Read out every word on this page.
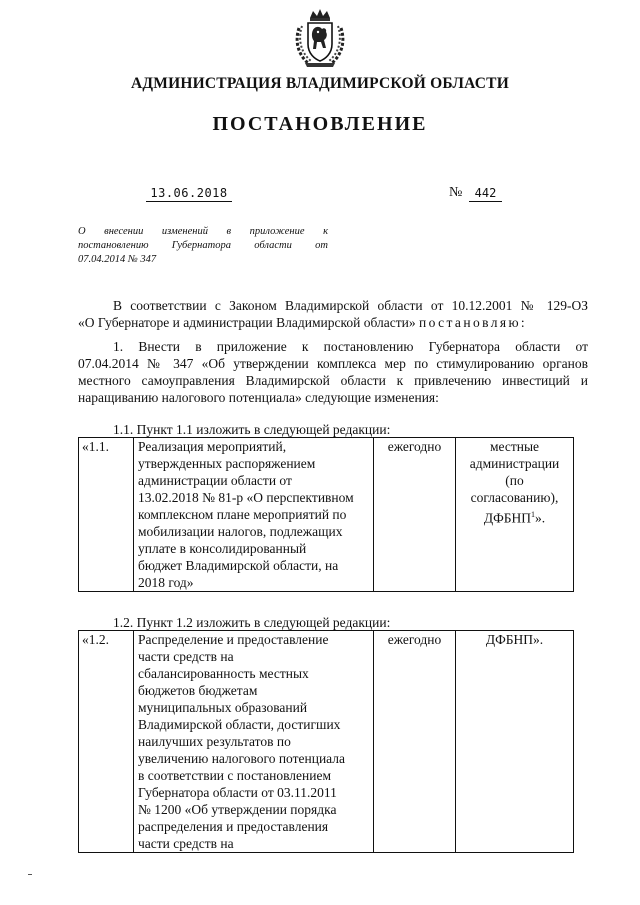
АДМИНИСТРАЦИЯ ВЛАДИМИРСКОЙ ОБЛАСТИ
ПОСТАНОВЛЕНИЕ
13.06.2018	№	442
О внесении изменений в приложение к
постановлению Губернатора области от
07.04.2014 № 347
В соответствии с Законом Владимирской области от 10.12.2001 № 129-ОЗ
«О Губернаторе и администрации Владимирской области» постановляю:
1. Внести в приложение к постановлению Губернатора области от
07.04.2014 № 347 «Об утверждении комплекса мер по стимулированию органов
местного самоуправления Владимирской области к привлечению инвестиций и
наращиванию налогового потенциала» следующие изменения:
1.1. Пункт 1.1 изложить в следующей редакции:
«1.1.	Реализация мероприятий,
утвержденных распоряжением
администрации области от
13.02.2018 № 81-р «О перспективном
комплексном плане мероприятий по
мобилизации налогов, подлежащих
уплате в консолидированный
бюджет Владимирской области, на
2018 год»
	ежегодно	местные
администрации
(по
согласованию),
ДФБНП$^1$».
1.2. Пункт 1.2 изложить в следующей редакции:
«1.2.	Распределение и предоставление
части средств на
сбалансированность местных
бюджетов бюджетам
муниципальных образований
Владимирской области, достигших
наилучших результатов по
увеличению налогового потенциала
в соответствии с постановлением
Губернатора области от 03.11.2011
№ 1200 «Об утверждении порядка
распределения и предоставления
части средств на
	ежегодно	ДФБНП».
